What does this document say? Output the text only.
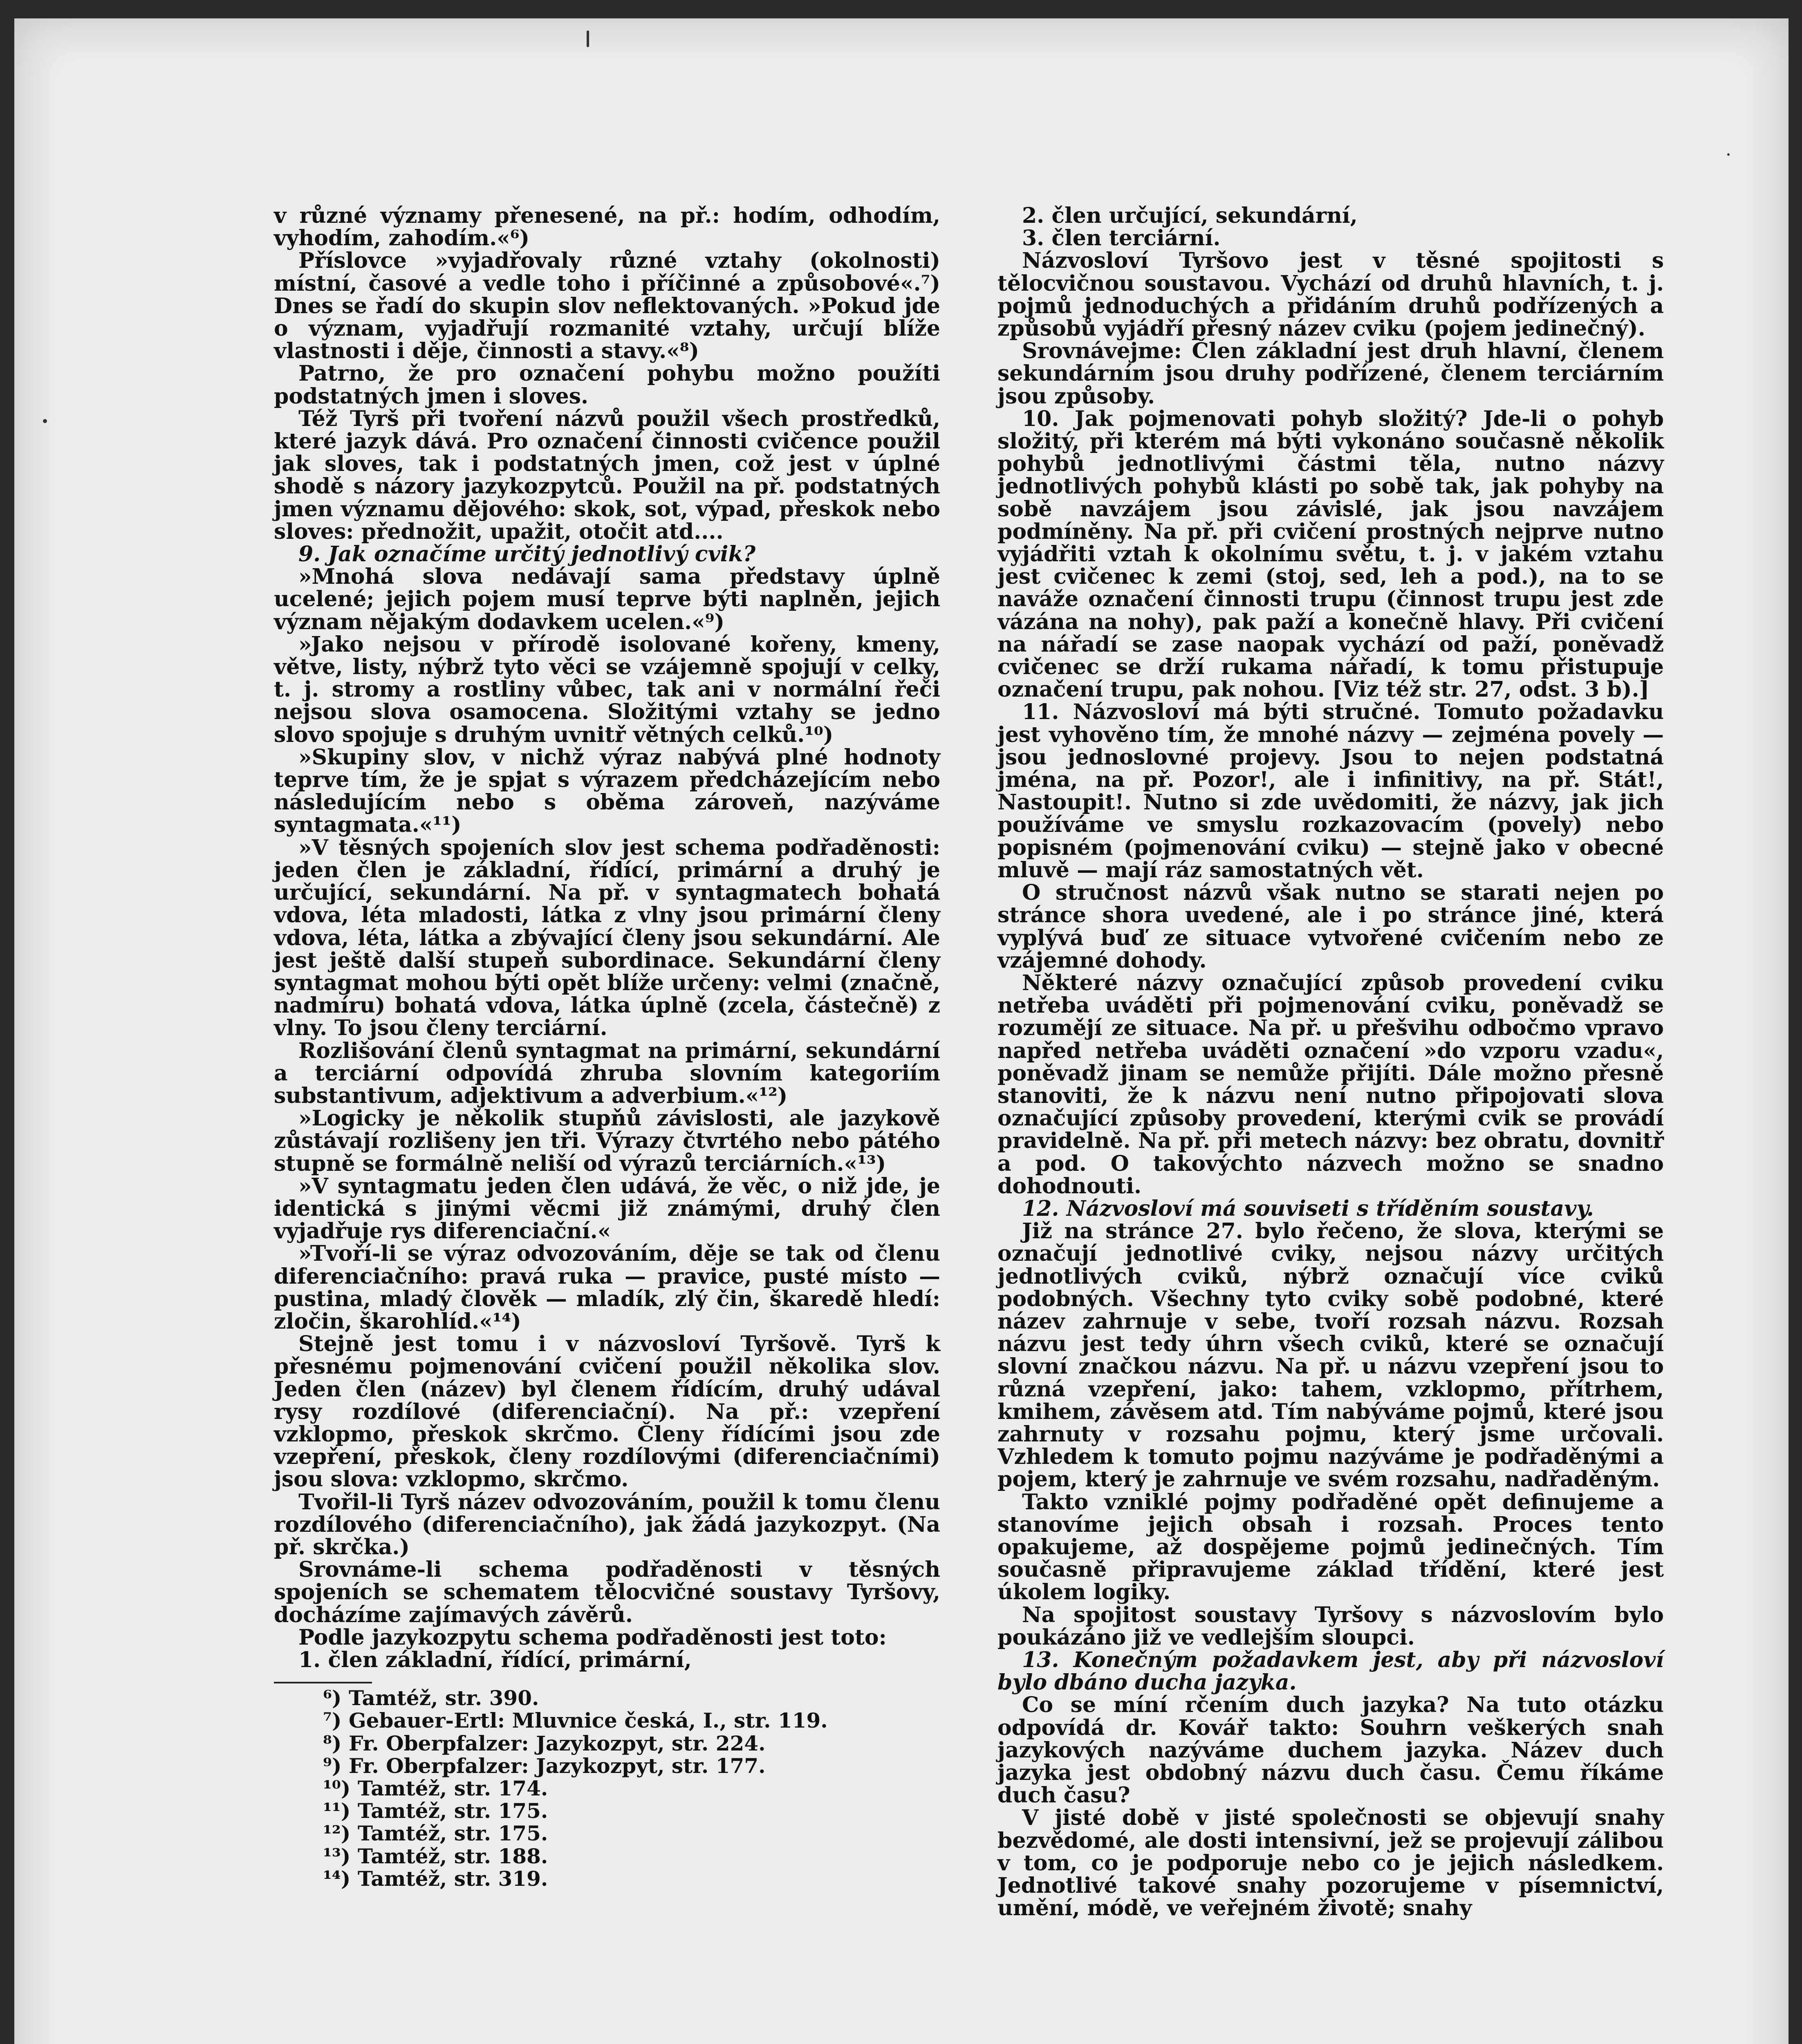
v různé významy přenesené, na př.: hodím, odhodím, vyhodím, zahodím.«⁶)

Příslovce »vyjadřovaly různé vztahy (okolnosti) místní, časové a vedle toho i příčinné a způsobové«.⁷) Dnes se řadí do skupin slov neflektovaných. »Pokud jde o význam, vyjadřují rozmanité vztahy, určují blíže vlastnosti i děje, činnosti a stavy.«⁸)

Patrno, že pro označení pohybu možno použíti podstatných jmen i sloves.

Též Tyrš při tvoření názvů použil všech prostředků, které jazyk dává. Pro označení činnosti cvičence použil jak sloves, tak i podstatných jmen, což jest v úplné shodě s názory jazykozpytců. Použil na př. podstatných jmen významu dějového: skok, sot, výpad, přeskok nebo sloves: přednožit, upažit, otočit atd....

9. Jak označíme určitý jednotlivý cvik?

»Mnohá slova nedávají sama představy úplně ucelené; jejich pojem musí teprve býti naplněn, jejich význam nějakým dodavkem ucelen.«⁹)

»Jako nejsou v přírodě isolované kořeny, kmeny, větve, listy, nýbrž tyto věci se vzájemně spojují v celky, t. j. stromy a rostliny vůbec, tak ani v normální řeči nejsou slova osamocena. Složitými vztahy se jedno slovo spojuje s druhým uvnitř větných celků.¹⁰)

»Skupiny slov, v nichž výraz nabývá plné hodnoty teprve tím, že je spjat s výrazem předcházejícím nebo následujícím nebo s oběma zároveň, nazýváme syntagmata.«¹¹)

»V těsných spojeních slov jest schema podřaděnosti: jeden člen je základní, řídící, primární a druhý je určující, sekundární. Na př. v syntagmatech bohatá vdova, léta mladosti, látka z vlny jsou primární členy vdova, léta, látka a zbývající členy jsou sekundární. Ale jest ještě další stupeň subordinace. Sekundární členy syntagmat mohou býti opět blíže určeny: velmi (značně, nadmíru) bohatá vdova, látka úplně (zcela, částečně) z vlny. To jsou členy terciární.

Rozlišování členů syntagmat na primární, sekundární a terciární odpovídá zhruba slovním kategoriím substantivum, adjektivum a adverbium.«¹²)

»Logicky je několik stupňů závislosti, ale jazykově zůstávají rozlišeny jen tři. Výrazy čtvrtého nebo pátého stupně se formálně neliší od výrazů terciárních.«¹³)

»V syntagmatu jeden člen udává, že věc, o niž jde, je identická s jinými věcmi již známými, druhý člen vyjadřuje rys diferenciační.«

»Tvoří-li se výraz odvozováním, děje se tak od členu diferenciačního: pravá ruka — pravice, pusté místo — pustina, mladý člověk — mladík, zlý čin, škaredě hledí: zločin, škarohlíd.«¹⁴)

Stejně jest tomu i v názvosloví Tyršově. Tyrš k přesnému pojmenování cvičení použil několika slov. Jeden člen (název) byl členem řídícím, druhý udával rysy rozdílové (diferenciační). Na př.: vzepření vzklopmo, přeskok skrčmo. Členy řídícími jsou zde vzepření, přeskok, členy rozdílovými (diferenciačními) jsou slova: vzklopmo, skrčmo.

Tvořil-li Tyrš název odvozováním, použil k tomu členu rozdílového (diferenciačního), jak žádá jazykozpyt. (Na př. skrčka.)

Srovnáme-li schema podřaděnosti v těsných spojeních se schematem tělocvičné soustavy Tyršovy, docházíme zajímavých závěrů.

Podle jazykozpytu schema podřaděnosti jest toto:

1. člen základní, řídící, primární,

⁶) Tamtéž, str. 390.

⁷) Gebauer-Ertl: Mluvnice česká, I., str. 119.

⁸) Fr. Oberpfalzer: Jazykozpyt, str. 224.

⁹) Fr. Oberpfalzer: Jazykozpyt, str. 177.

¹⁰) Tamtéž, str. 174.

¹¹) Tamtéž, str. 175.

¹²) Tamtéž, str. 175.

¹³) Tamtéž, str. 188.

¹⁴) Tamtéž, str. 319.

2. člen určující, sekundární,

3. člen terciární.

Názvosloví Tyršovo jest v těsné spojitosti s tělocvičnou soustavou. Vychází od druhů hlavních, t. j. pojmů jednoduchých a přidáním druhů podřízených a způsobů vyjádří přesný název cviku (pojem jedinečný).

Srovnávejme: Člen základní jest druh hlavní, členem sekundárním jsou druhy podřízené, členem terciárním jsou způsoby.

10. Jak pojmenovati pohyb složitý? Jde-li o pohyb složitý, při kterém má býti vykonáno současně několik pohybů jednotlivými částmi těla, nutno názvy jednotlivých pohybů klásti po sobě tak, jak pohyby na sobě navzájem jsou závislé, jak jsou navzájem podmíněny. Na př. při cvičení prostných nejprve nutno vyjádřiti vztah k okolnímu světu, t. j. v jakém vztahu jest cvičenec k zemi (stoj, sed, leh a pod.), na to se naváže označení činnosti trupu (činnost trupu jest zde vázána na nohy), pak paží a konečně hlavy. Při cvičení na nářadí se zase naopak vychází od paží, poněvadž cvičenec se drží rukama nářadí, k tomu přistupuje označení trupu, pak nohou. [Viz též str. 27, odst. 3 b).]

11. Názvosloví má býti stručné. Tomuto požadavku jest vyhověno tím, že mnohé názvy — zejména povely — jsou jednoslovné projevy. Jsou to nejen podstatná jména, na př. Pozor!, ale i infinitivy, na př. Stát!, Nastoupit!. Nutno si zde uvědomiti, že názvy, jak jich používáme ve smyslu rozkazovacím (povely) nebo popisném (pojmenování cviku) — stejně jako v obecné mluvě — mají ráz samostatných vět.

O stručnost názvů však nutno se starati nejen po stránce shora uvedené, ale i po stránce jiné, která vyplývá buď ze situace vytvořené cvičením nebo ze vzájemné dohody.

Některé názvy označující způsob provedení cviku netřeba uváděti při pojmenování cviku, poněvadž se rozumějí ze situace. Na př. u přešvihu odbočmo vpravo napřed netřeba uváděti označení »do vzporu vzadu«, poněvadž jinam se nemůže přijíti. Dále možno přesně stanoviti, že k názvu není nutno připojovati slova označující způsoby provedení, kterými cvik se provádí pravidelně. Na př. při metech názvy: bez obratu, dovnitř a pod. O takovýchto názvech možno se snadno dohodnouti.

12. Názvosloví má souviseti s tříděním soustavy.

Již na stránce 27. bylo řečeno, že slova, kterými se označují jednotlivé cviky, nejsou názvy určitých jednotlivých cviků, nýbrž označují více cviků podobných. Všechny tyto cviky sobě podobné, které název zahrnuje v sebe, tvoří rozsah názvu. Rozsah názvu jest tedy úhrn všech cviků, které se označují slovní značkou názvu. Na př. u názvu vzepření jsou to různá vzepření, jako: tahem, vzklopmo, přítrhem, kmihem, závěsem atd. Tím nabýváme pojmů, které jsou zahrnuty v rozsahu pojmu, který jsme určovali. Vzhledem k tomuto pojmu nazýváme je podřaděnými a pojem, který je zahrnuje ve svém rozsahu, nadřaděným.

Takto vzniklé pojmy podřaděné opět definujeme a stanovíme jejich obsah i rozsah. Proces tento opakujeme, až dospějeme pojmů jedinečných. Tím současně připravujeme základ třídění, které jest úkolem logiky.

Na spojitost soustavy Tyršovy s názvoslovím bylo poukázáno již ve vedlejším sloupci.

13. Konečným požadavkem jest, aby při názvosloví bylo dbáno ducha jazyka.

Co se míní rčením duch jazyka? Na tuto otázku odpovídá dr. Kovář takto: Souhrn veškerých snah jazykových nazýváme duchem jazyka. Název duch jazyka jest obdobný názvu duch času. Čemu říkáme duch času?

V jisté době v jisté společnosti se objevují snahy bezvědomé, ale dosti intensivní, jež se projevují zálibou v tom, co je podporuje nebo co je jejich následkem. Jednotlivé takové snahy pozorujeme v písemnictví, umění, módě, ve veřejném životě; snahy
